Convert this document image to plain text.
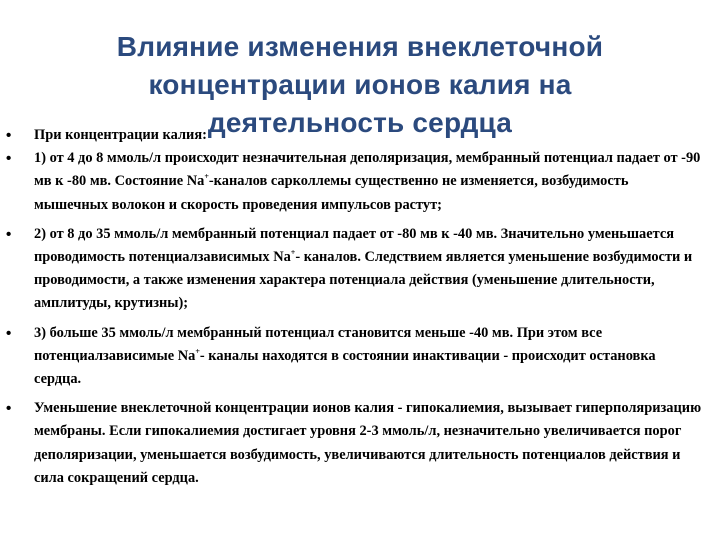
•	При концентрации калия:
•	1) от 4 до 8 ммоль/л происходит незначительная деполяризация, мембранный потенциал падает от -90 мв к -80 мв. Состояние Na+-каналов сарколлемы существенно не изменяется, возбудимость мышечных волокон и скорость проведения импульсов растут;
•	2) от 8 до 35 ммоль/л мембранный потенциал падает от -80 мв к -40 мв. Значительно уменьшается проводимость потенциалзависимых Na+- каналов. Следствием является уменьшение возбудимости и проводимости, а также изменения характера потенциала действия (уменьшение длительности, амплитуды, крутизны);
•	3) больше 35 ммоль/л мембранный потенциал становится меньше -40 мв. При этом все потенциалзависимые Na+- каналы находятся в состоянии инактивации - происходит остановка сердца.
•	Уменьшение внеклеточной концентрации ионов калия - гипокалиемия, вызывает гиперполяризацию мембраны. Если гипокалиемия достигает уровня 2-3 ммоль/л, незначительно увеличивается порог деполяризации, уменьшается возбудимость, увеличиваются длительность потенциалов действия и сила сокращений сердца.
Влияние изменения внеклеточной
концентрации ионов калия на
деятельность сердца
